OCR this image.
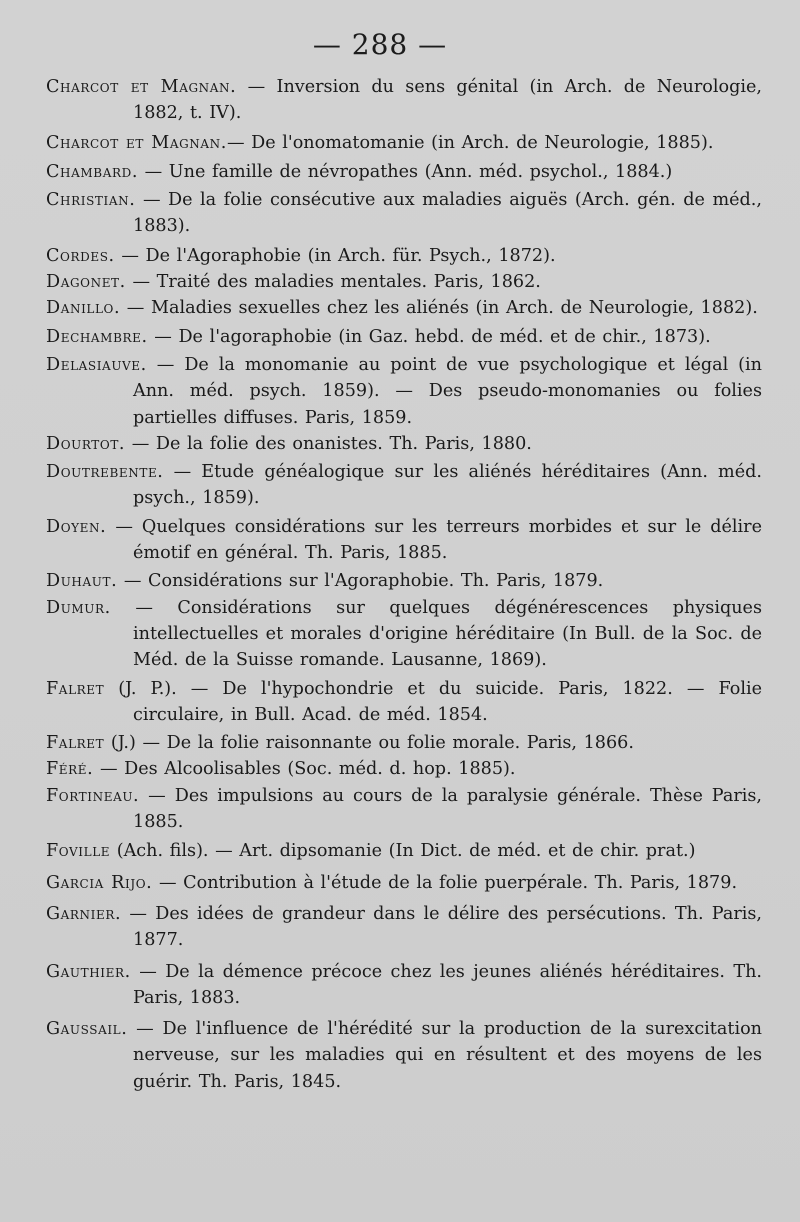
— 288 —

Charcot et Magnan. — Inversion du sens génital (in Arch. de Neurologie, 1882, t. IV).

Charcot et Magnan.— De l'onomatomanie (in Arch. de Neurologie, 1885).

Chambard. — Une famille de névropathes (Ann. méd. psychol., 1884.)

Christian. — De la folie consécutive aux maladies aiguës (Arch. gén. de méd., 1883).

Cordes. — De l'Agoraphobie (in Arch. für. Psych., 1872).

Dagonet. — Traité des maladies mentales. Paris, 1862.

Danillo. — Maladies sexuelles chez les aliénés (in Arch. de Neurologie, 1882).

Dechambre. — De l'agoraphobie (in Gaz. hebd. de méd. et de chir., 1873).

Delasiauve. — De la monomanie au point de vue psychologique et légal (in Ann. méd. psych. 1859). — Des pseudo-monomanies ou folies partielles diffuses. Paris, 1859.

Dourtot. — De la folie des onanistes. Th. Paris, 1880.

Doutrebente. — Etude généalogique sur les aliénés héréditaires (Ann. méd. psych., 1859).

Doyen. — Quelques considérations sur les terreurs morbides et sur le délire émotif en général. Th. Paris, 1885.

Duhaut. — Considérations sur l'Agoraphobie. Th. Paris, 1879.

Dumur. — Considérations sur quelques dégénérescences physiques intellectuelles et morales d'origine héréditaire (In Bull. de la Soc. de Méd. de la Suisse romande. Lausanne, 1869).

Falret (J. P.). — De l'hypochondrie et du suicide. Paris, 1822. — Folie circulaire, in Bull. Acad. de méd. 1854.

Falret (J.) — De la folie raisonnante ou folie morale. Paris, 1866.

Féré. — Des Alcoolisables (Soc. méd. d. hop. 1885).

Fortineau. — Des impulsions au cours de la paralysie générale. Thèse Paris, 1885.

Foville (Ach. fils). — Art. dipsomanie (In Dict. de méd. et de chir. prat.)

Garcia Rijo. — Contribution à l'étude de la folie puerpérale. Th. Paris, 1879.

Garnier. — Des idées de grandeur dans le délire des persécutions. Th. Paris, 1877.

Gauthier. — De la démence précoce chez les jeunes aliénés héréditaires. Th. Paris, 1883.

Gaussail. — De l'influence de l'hérédité sur la production de la surexcitation nerveuse, sur les maladies qui en résultent et des moyens de les guérir. Th. Paris, 1845.
